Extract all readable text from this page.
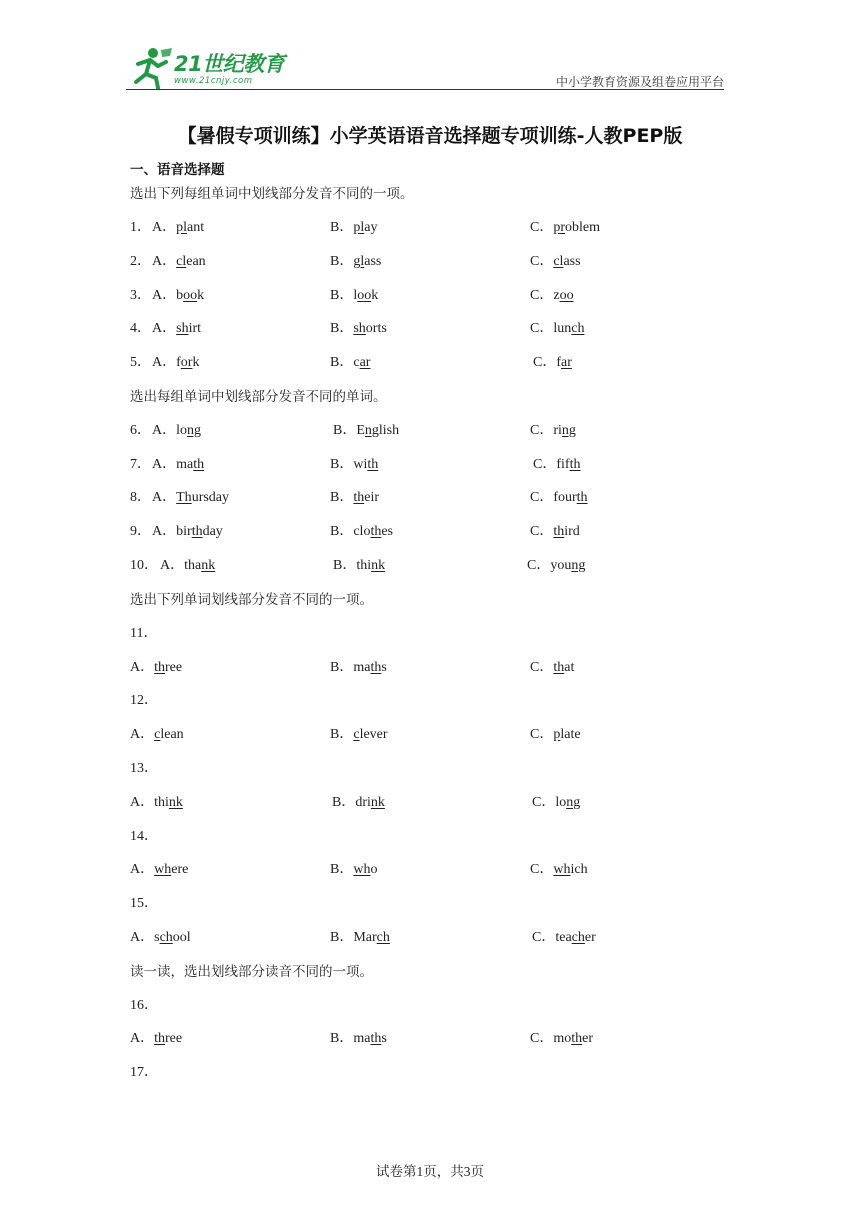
21世纪教育
www.21cnjy.com	中小学教育资源及组卷应用平台
【暑假专项训练】小学英语语音选择题专项训练-人教PEP版
一、语音选择题
选出下列每组单词中划线部分发音不同的一项。
1． A．plant	B．play	C．problem
2． A．clean	B．glass	C．class
3． A．book	B．look	C．zoo
4． A．shirt	B．shorts	C．lunch
5． A．fork	B．car	C．far
选出每组单词中划线部分发音不同的单词。
6． A．long	B．English	C．ring
7． A．math	B．with	C．fifth
8． A．Thursday	B．their	C．fourth
9． A．birthday	B．clothes	C．third
10． A．thank	B．think	C．young
选出下列单词划线部分发音不同的一项。
11．
A．three	B．maths	C．that
12．
A．clean	B．clever	C．plate
13．
A．think	B．drink	C．long
14．
A．where	B．who	C．which
15．
A．school	B．March	C．teacher
读一读，选出划线部分读音不同的一项。
16．
A．three	B．maths	C．mother
17．
试卷第1页，共3页
